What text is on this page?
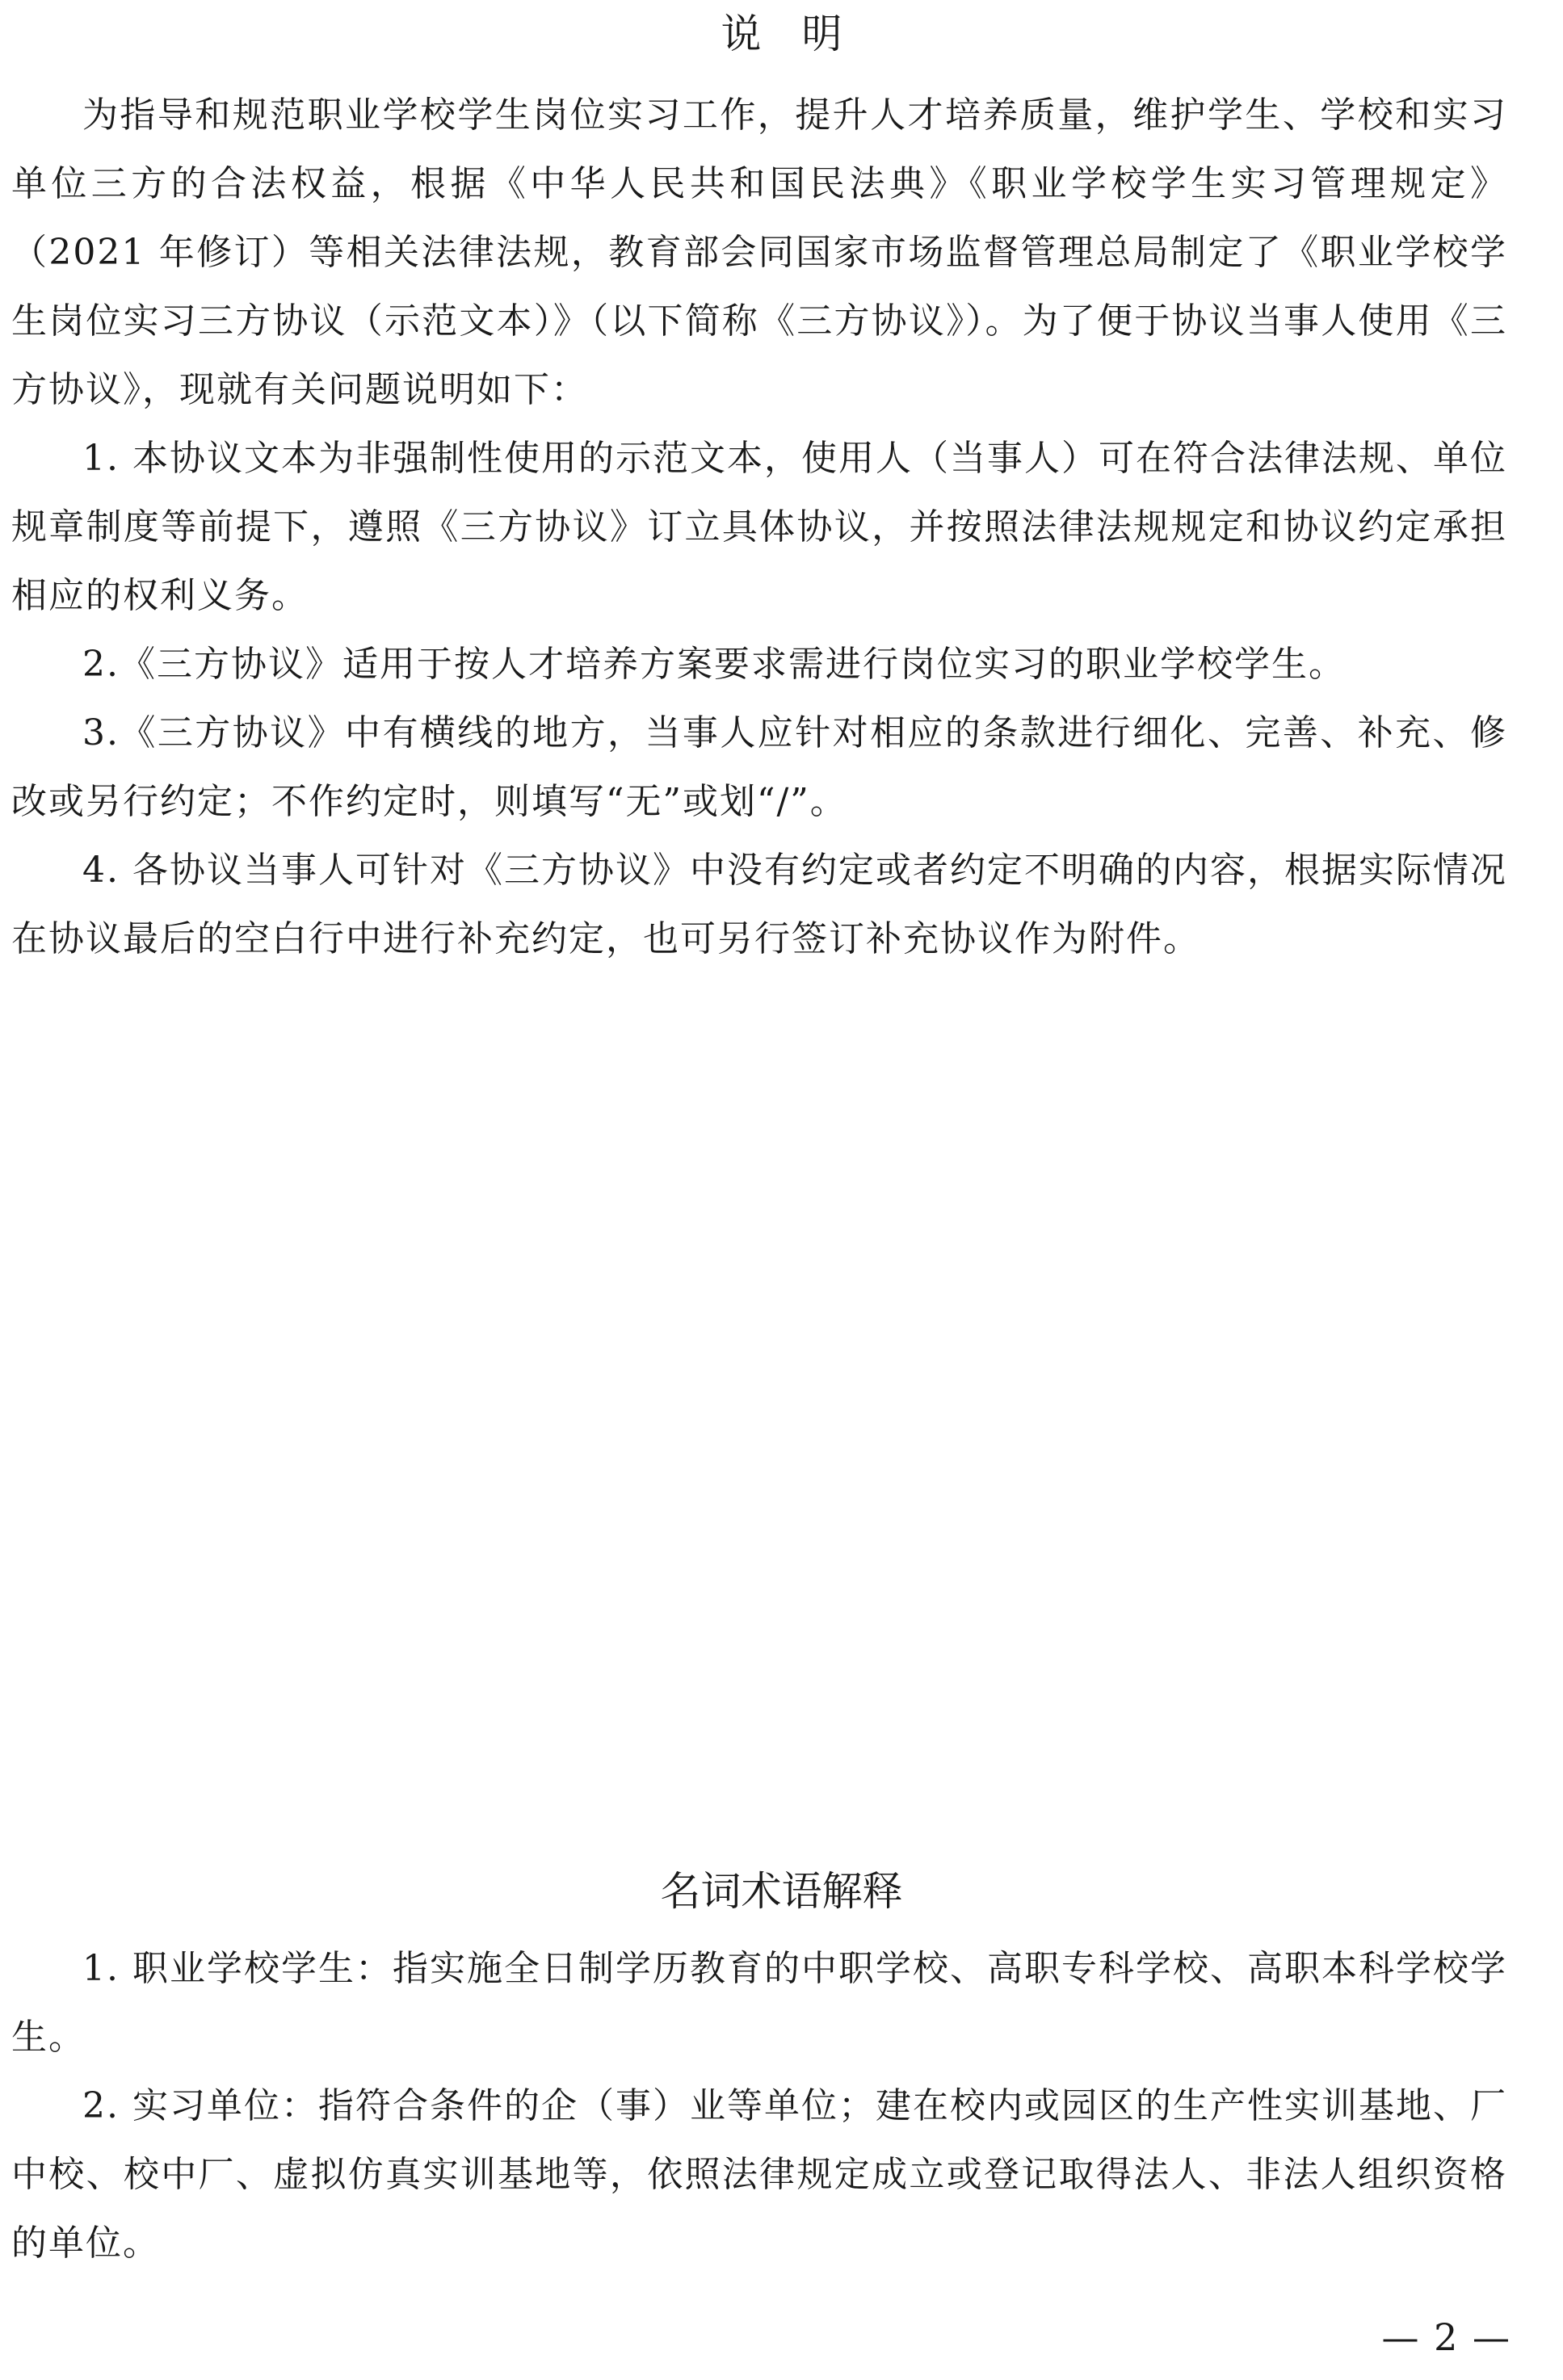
说 明

为指导和规范职业学校学生岗位实习工作，提升人才培养质量，维护学生、学校和实习单位三方的合法权益，根据《中华人民共和国民法典》《职业学校学生实习管理规定》（2021 年修订）等相关法律法规，教育部会同国家市场监督管理总局制定了《职业学校学生岗位实习三方协议（示范文本）》（以下简称《三方协议》）。为了便于协议当事人使用《三方协议》，现就有关问题说明如下：

1. 本协议文本为非强制性使用的示范文本，使用人（当事人）可在符合法律法规、单位规章制度等前提下，遵照《三方协议》订立具体协议，并按照法律法规规定和协议约定承担相应的权利义务。

2.《三方协议》适用于按人才培养方案要求需进行岗位实习的职业学校学生。

3.《三方协议》中有横线的地方，当事人应针对相应的条款进行细化、完善、补充、修改或另行约定；不作约定时，则填写“无”或划“/”。

4. 各协议当事人可针对《三方协议》中没有约定或者约定不明确的内容，根据实际情况在协议最后的空白行中进行补充约定，也可另行签订补充协议作为附件。

名词术语解释

1. 职业学校学生：指实施全日制学历教育的中职学校、高职专科学校、高职本科学校学生。

2. 实习单位：指符合条件的企（事）业等单位；建在校内或园区的生产性实训基地、厂中校、校中厂、虚拟仿真实训基地等，依照法律规定成立或登记取得法人、非法人组织资格的单位。

— 2 —
